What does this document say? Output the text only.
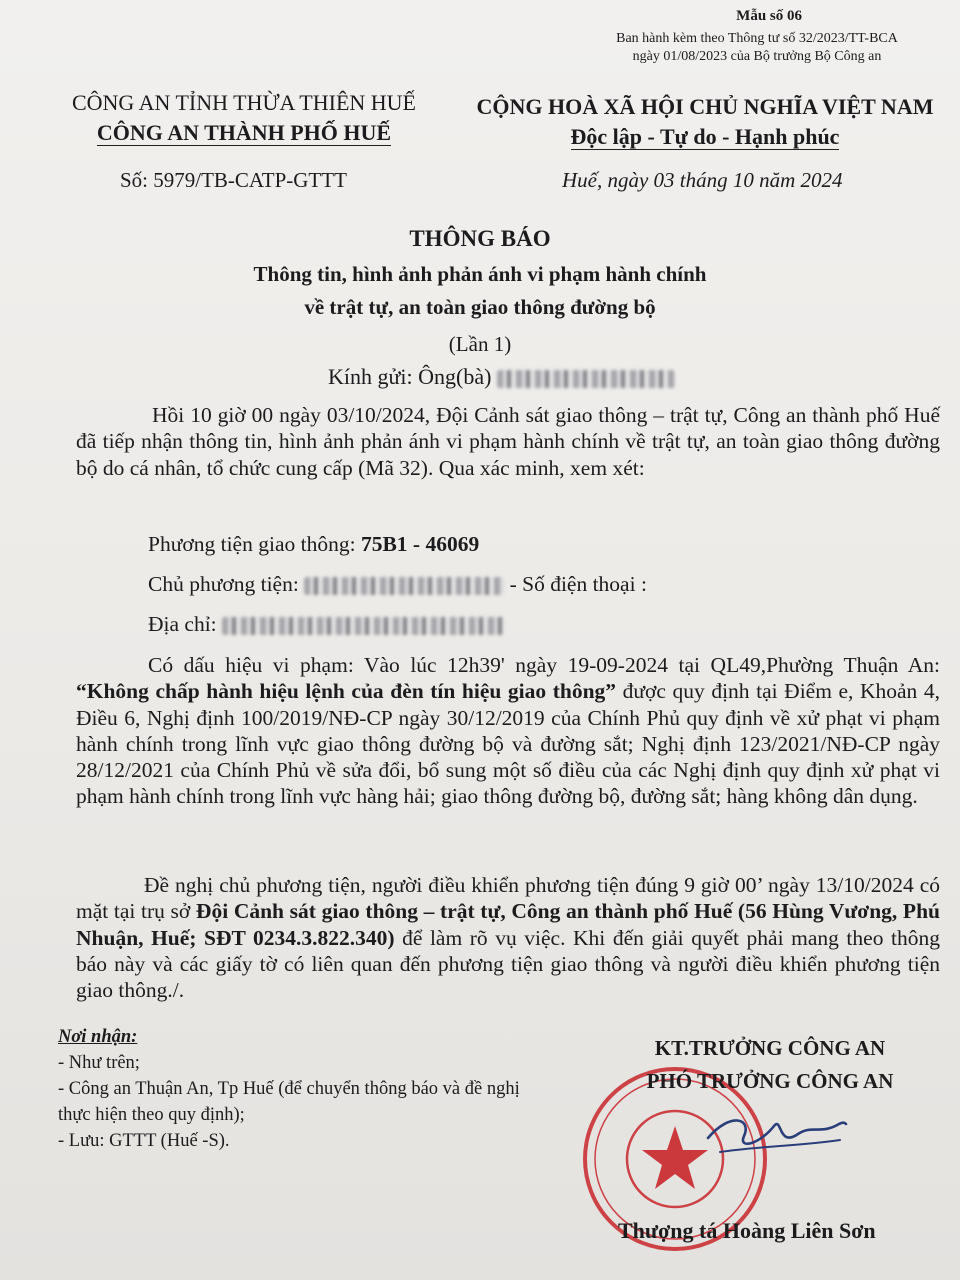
Mẫu số 06
Ban hành kèm theo Thông tư số 32/2023/TT-BCA
ngày 01/08/2023 của Bộ trưởng Bộ Công an
CÔNG AN TỈNH THỪA THIÊN HUẾ
CÔNG AN THÀNH PHỐ HUẾ
CỘNG HOÀ XÃ HỘI CHỦ NGHĨA VIỆT NAM
Độc lập - Tự do - Hạnh phúc
Số: 5979/TB-CATP-GTTT	Huế, ngày 03 tháng 10 năm 2024
THÔNG BÁO
Thông tin, hình ảnh phản ánh vi phạm hành chính
về trật tự, an toàn giao thông đường bộ
(Lần 1)
Kính gửi: Ông(bà)
Hồi 10 giờ 00 ngày 03/10/2024, Đội Cảnh sát giao thông – trật tự, Công an thành phố Huế đã tiếp nhận thông tin, hình ảnh phản ánh vi phạm hành chính về trật tự, an toàn giao thông đường bộ do cá nhân, tổ chức cung cấp (Mã 32). Qua xác minh, xem xét:
Phương tiện giao thông: 75B1 - 46069
Chủ phương tiện:	- Số điện thoại :
Địa chỉ:
Có dấu hiệu vi phạm: Vào lúc 12h39' ngày 19-09-2024 tại QL49,Phường Thuận An: “Không chấp hành hiệu lệnh của đèn tín hiệu giao thông” được quy định tại Điểm e, Khoản 4, Điều 6, Nghị định 100/2019/NĐ-CP ngày 30/12/2019 của Chính Phủ quy định về xử phạt vi phạm hành chính trong lĩnh vực giao thông đường bộ và đường sắt; Nghị định 123/2021/NĐ-CP ngày 28/12/2021 của Chính Phủ về sửa đổi, bổ sung một số điều của các Nghị định quy định xử phạt vi phạm hành chính trong lĩnh vực hàng hải; giao thông đường bộ, đường sắt; hàng không dân dụng.
Đề nghị chủ phương tiện, người điều khiển phương tiện đúng 9 giờ 00’ ngày 13/10/2024 có mặt tại trụ sở Đội Cảnh sát giao thông – trật tự, Công an thành phố Huế (56 Hùng Vương, Phú Nhuận, Huế; SĐT 0234.3.822.340) để làm rõ vụ việc. Khi đến giải quyết phải mang theo thông báo này và các giấy tờ có liên quan đến phương tiện giao thông và người điều khiển phương tiện giao thông./.
Nơi nhận:
- Như trên;
- Công an Thuận An, Tp Huế (để chuyển thông báo và đề nghị thực hiện theo quy định);
- Lưu: GTTT (Huế -S).
KT.TRƯỞNG CÔNG AN
PHÓ TRƯỞNG CÔNG AN
Thượng tá Hoàng Liên Sơn
